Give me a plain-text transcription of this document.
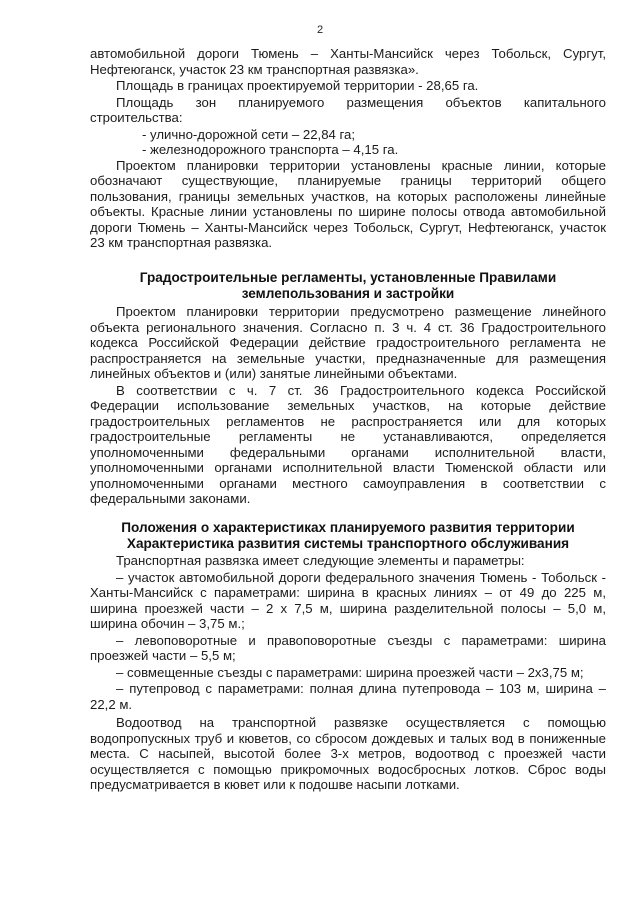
2

автомобильной дороги Тюмень – Ханты-Мансийск через Тобольск, Сургут, Нефтеюганск, участок 23 км транспортная развязка».

Площадь в границах проектируемой территории - 28,65 га.

Площадь зон планируемого размещения объектов капитального строительства:

- улично-дорожной сети – 22,84 га;

- железнодорожного транспорта – 4,15 га.

Проектом планировки территории установлены красные линии, которые обозначают существующие, планируемые границы территорий общего пользования, границы земельных участков, на которых расположены линейные объекты. Красные линии установлены по ширине полосы отвода автомобильной дороги Тюмень – Ханты-Мансийск через Тобольск, Сургут, Нефтеюганск, участок 23 км транспортная развязка.

Градостроительные регламенты, установленные Правилами

землепользования и застройки

Проектом планировки территории предусмотрено размещение линейного объекта регионального значения. Согласно п. 3 ч. 4 ст. 36 Градостроительного кодекса Российской Федерации действие градостроительного регламента не распространяется на земельные участки, предназначенные для размещения линейных объектов и (или) занятые линейными объектами.

В соответствии с ч. 7 ст. 36 Градостроительного кодекса Российской Федерации использование земельных участков, на которые действие градостроительных регламентов не распространяется или для которых градостроительные регламенты не устанавливаются, определяется уполномоченными федеральными органами исполнительной власти, уполномоченными органами исполнительной власти Тюменской области или уполномоченными органами местного самоуправления в соответствии с федеральными законами.

Положения о характеристиках планируемого развития территории

Характеристика развития системы транспортного обслуживания

Транспортная развязка имеет следующие элементы и параметры:

– участок автомобильной дороги федерального значения Тюмень - Тобольск - Ханты-Мансийск с параметрами: ширина в красных линиях – от 49 до 225 м, ширина проезжей части – 2 х 7,5 м, ширина разделительной полосы – 5,0 м, ширина обочин – 3,75 м.;

– левоповоротные и правоповоротные съезды с параметрами: ширина проезжей части – 5,5 м;

– совмещенные съезды с параметрами: ширина проезжей части – 2х3,75 м;

– путепровод с параметрами: полная длина путепровода – 103 м, ширина – 22,2 м.

Водоотвод на транспортной развязке осуществляется с помощью водопропускных труб и кюветов, со сбросом дождевых и талых вод в пониженные места. С насыпей, высотой более 3-х метров, водоотвод с проезжей части осуществляется с помощью прикромочных водосбросных лотков. Сброс воды предусматривается в кювет или к подошве насыпи лотками.
